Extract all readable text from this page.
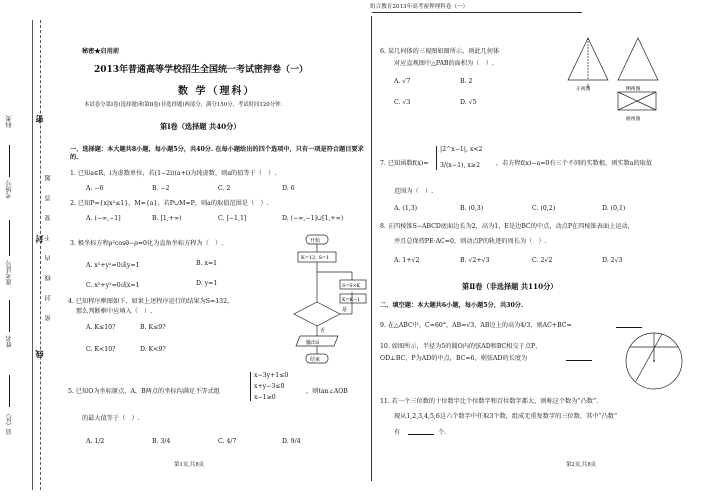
组合教育2013年高考密押理科卷（一）
县（区）
姓名
准考证号
考场号
科类	密
封
线
题
答
要
不
内
线
封
密
秘密★启用前
2013年普通高等学校招生全国统一考试密押卷（一）
数 学（理科）
本试卷分第Ⅰ卷(选择题)和第Ⅱ卷(非选择题)两部分，满分150分，考试时间120分钟.
第Ⅰ卷（选择题 共40分）
一、选择题：本大题共8小题，每小题5分，共40分. 在每小题给出的四个选项中，只有一项是符合题目要求的.
1. 已知a∈R，i为虚数单位，若(1−2i)(a+i)为纯虚数，则a的值等于（　）.
A. −6	B. −2	C. 2	D. 6
2. 已知P={x|x²≤1}，M={a}，若P∪M=P，则a的取值范围是（　）.
A. (−∞,−1]	B. [1,+∞)	C. [−1,1]	D. (−∞,−1]∪[1,+∞)
3. 极坐标方程ρ²cosθ−ρ=0化为直角坐标方程为（　）.
A. x²+y²=0或y=1	B. x=1
C. x²+y²=0或x=1	D. y=1
4. 已知程序框图如下，如果上述程序运行的结果为S=132，
那么判断框中应填入（　）.
A. K≤10?	B. K≤9?
C. K<10?	D. K<9?
开始
K=12, S=1
是
S=S×K
K=K−1
否
输出S
结束
5. 已知O为坐标原点，A，B两点的坐标均满足不等式组
x−3y+1≤0
x+y−3≤0
x−1≥0
，则tan∠AOB
的最大值等于（　）.
A. 1/2	B. 3/4	C. 4/7	D. 9/4
第1页,共8页
6. 某几何体的三视图如图所示，则此几何体
对应直观图中△PAB的面积为（　）.
A. √7	B. 2
C. √3	D. √5
正视图	侧视图
俯视图
7. 已知函数f(x)=
|2^x−1|, x<2
3/(x−1), x≥2	，若方程f(x)−a=0有三个不同的实数根，则实数a的取值
范围为（　）.
A. (1,3)	B. (0,3)	C. (0,2)	D. (0,1)
8. 正四棱锥S−ABCD底面边长为2，高为1，E是边BC的中点，动点P在四棱锥表面上运动，
并且总保持PE·AC=0，则动点P的轨迹的周长为（　）.
A. 1+√2	B. √2+√3	C. 2√2	D. 2√3
第Ⅱ卷（非选择题 共110分）
二、填空题：本大题共6小题，每小题5分，共30分.
9. 在△ABC中，C=60°，AB=√3，AB边上的高为4/3，则AC+BC=
10. 如图所示，半径为5的圆O内的弦AD和BC相交于点P，
OD⊥BC，P为AD的中点，BC=6，则弦AD的长度为
11. 若一个三位数的十位数字比个位数字和百位数字都大，则称这个数为“凸数”.
现从1,2,3,4,5,6这六个数字中任取3个数，组成无重复数字的三位数，其中“凸数”
有	个.
第2页,共8页
